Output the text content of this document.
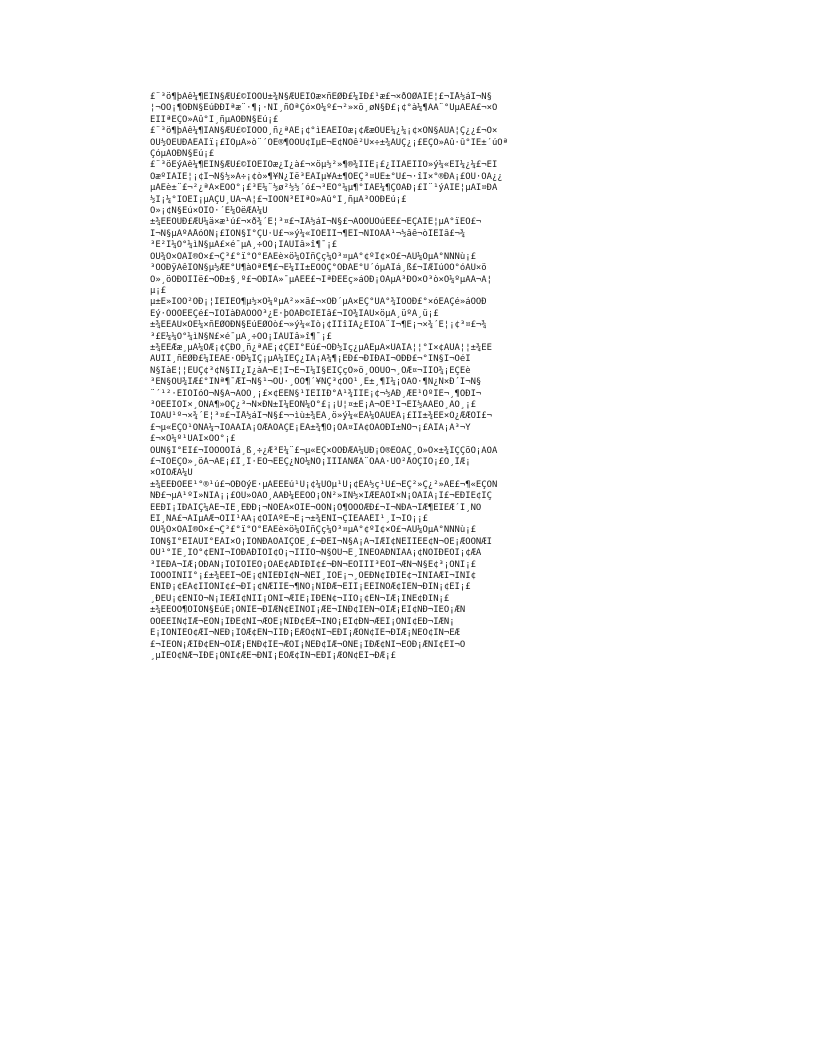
£¨³ö¶þÀê¼¶ÈÏÑ§ÆÚ£©ÎÒÔÚ±¾Ñ§ÆÚËÏÕæ×ñÊØÐ£¼ÍÐ£¹æ£¬×ðÖØÀÏÊ¦£¬ÍÅ½áÍ¬Ñ§
¦¬ÒÔ¡¶ÖÐÑ§ÉúÐÐÎªæ¨·¶¡·ÑÏ¸ñÒªÇó×Ô¼º£¬²»×ö¸øÑ§Ð£¡¢°à¼¶ÄÃ¨°ÙµÄÊÂ£¬×Ô
ÈÏÎªÊÇÒ»Ãû°Ï¸ñµÄÖÐÑ§Éú¡£
£¨³ö¶þÀê¼¶ÏÂÑ§ÆÚ£©ÎÒÒÔ¸ñ¿ªÀÊ¡¢°ìÊÂÈÏÕæ¡¢ÆæÓÚÈ¼¿¼¡¢×ÔÑ§ÄÜÁ¦Ç¿¿£¬Ò×
ÓÚ½ÓÊÜÐÂÊÂÎï¡£ÎÒµÄ»ò¨´ÓÊ®¶ÖÓÚ¢ÌµÈ¬Ë¢ÑÓê²Ü×÷±¾ÀÚÇ¿¡£ÊÇÒ»Ãû·û°ÏÉ±´úÒª
ÇóµÄÖÐÑ§Éú¡£
£¨³öÈýÀê¼¶ÈÏÑ§ÆÚ£©ÎÒÈÏÕæ¿Ï¿à£¬×öµ½²»¶®¾ÍÎÊ¡£¿ÎÌÃÉÏÎÒ»ý¼«ËÍ¼¿¼£¬ÈÏ
ÕæºÍÀÏÊ¦¡¢Í¬Ñ§½»Á÷¡¢ò»¶¥Ñ¿Íë³ÉÀÍµ¥Ä±¶ÓËÇ³¤ÚÈ±°Ú£¬·îÏ×°®ÐÄ¡£ÔÚ·ÖÀ¿¿
µÄÉè±¨£¬²¿ªÀ×ÈÓÒ°¡£³É¼¨½ø²½½´ó£¬³ÉÔ°¼µ¶°ÍÀÊ¼¶ÇÕÂÐ¡£Ï¨¹ýÀÏÊ¦µÄÎ¤ÐÄ
½Ì¡¼°ÍÖÊÎ¡µÄÇÚ¸ÚÂ¬Á¦£¬ÎÒÒÑ³ÉÎªÒ»Ãû°Ï¸ñµÄ³ÕÖÐÉú¡£
Ò»¡¢Ñ§Éú×ÔÎÒ·´Ë¼ÓëÆÀ¼Û
±¾ÈËÔÚÐ£ÆÚ¼ä×æ¹ú£¬×ð¾´Ê¦³¤£¬ÍÅ½áÍ¬Ñ§£¬ÀÖÓÚÖúÈË£¬ÊÇÀÏÊ¦µÄ°ïÊÖ£¬
Í¬Ñ§µÄºÃÅóÓÑ¡£ÎÒÑ§Ï°ÇÚ·Ü£¬»ý¼«ÌÖÉÏÌ¬¶ÈÍ¬ÑÏÓÃÅ¹¬½âê¬òÎÊÎâ£¬¾
³É²Î¼Ó°¼ìÑ§µÄ£×é¯µÄ¸÷ÖÖ¡ÎÄÛÍâ»î¶¯¡£
ÔÚ¾Ó×ÔÀÏ®Ö×£¬Ç³£°ï°Ö°ÊÂÈè×ö¼ÒÎñÇç¼Ò³¤µÄ°¢ºÍ¢×Ó£¬ÁÚ¼ÓµÄ°ÑÑÑù¡£
³ÖÖÐÿÀêÎÒÑ§µ½ÆÈ°Ù¶àÖªÊ¶£¬É¼ÎÏ±ÈÒÔÇ°ÓÐÁË°Ü´óµÄÌá¸ß£¬ÎÆÎúÒÔ°óÃÜ×ö
Ò»¸öÓÐÕÎÏë£¬ÓÐ±§¸º£¬ÓÐÎÄ»¯µÄÊÊ£¬ÍªÐÈÉç»áÓÐ¡ÓÃµÄ³ÐÕ×Ò³ò×Ô¼ºµÄÂ¬Á¦
µ¡£
µ±È»ÎÒÒ²ÓÐ¡¦ÌÈÌÊÖ¶µ½×Ô¼ºµÄ²»×ã£¬×ÓÐ´µÄ×ÊÇ°ÙÃ°¾ÍÒÖÐ£°×óÊÂÇé»áÒÓÐ
Êý·ÖÖÓÈÈÇé£¬ÎÒÎàÐÂÓÕÒ³¿È·þÓÃÐ©ÎÊÌâ£¬ÎÒ¾ÍÄÜ×öµÃ¸üºÃ¸ü¡£
±¾ÈËÄÜ×ÔÈ¼×ñÊØÖÐÑ§ÉúÊØÔò£¬»ý¼«Ïò¡¢ÍÌîÏÂ¿ÉÎÒÃ¨Ì¬¶È¡¬×¾´Ê¦¡¢³¤£¬¾
³£Ê¼¼Ó°¼ìÑ§Ñ£×é¯µÄ¸÷ÖÖ¡ÎÄÛÍâ»î¶¯¡£
±¾ÈËÆæ¸µÀ¼ÕÆ¡¢ÇÐÕ¸ñ¿ªÀÊ¡¢ÇÈÌ°Éú£¬ÓÐ½Ïç¿µÄÈµÄ×ÚÀÍÄ¦¦°Í×¢ÀÚÁ¦¦±¾ÈË
ÃÚÏÌ¸ñÊØÐ£¼ÍÊÂÊ·ÓÐ¼ÏÇ¡µÄ¼ÍÊÇ¿ÍÄ¡Ã¾¶¡ÈÐ£¬ÐÍÐÂÍ¬ÖÐÐ£¬°ÎÑ§Í¬ÓéÍ
Ñ§ÍàÊ¦¦ÈÙÇ¢³¢Ñ§ÎÍ¿Ì¿àÃ¬Ê¦Í¬È¬Í¼Ì§ÈÎÇçÒ»ö¸ÖÓÚÒ¬¸ÓÆ¤¬ÍÎÒ¾¡ÈÇÉè
³ÉÑ§ÔÚ¾ÎÆ£°ÍÑª¶¯ÆÍ¬Ñ§¹¬ÔÚ·¸ÔÕ¶´¥ÑÇ³¢ÓÕ¹¸Ë±¸¶Ì¼¡ÓÄÖ·¶Ñ¿Ñ×Ð´Í¬Ñ§
¨´¹²·ÊÏÖÏóÕ¬Ñ§Ä¬ÁÔÒ¸¡£×¢ÈËÑ§¹ÏÊÏÍÐ°À¹¾ÍÍÊ¡¢¬½ÁÐ¸ÆÉ¹ÔºÌÈ¬¸¶ÔÐÍ¬
³ÖÊÊÍÓÍ×¸ÓÑÂ¶»ÕÇ¿³¬Ñ×ÐÑ±Î¼ÉÔÑ¼Ó°£¡¡Ü¦¤±Ê¡Ã¬ÖÉ¹Ï¬ÈÍ½ÀÁÊÒ¸ÄÒ¸¡£
ÎÒÃÚ¹º¬×¾´Ê¦³¤£¬ÍÅ½áÍ¬Ñ§£¬¬ìù±¾ËÄ¸ö»ý¼«ÈÃ¼ÒÄÚÉÄ¡£ÎÍ±¾ÈË×Ó¿ÆÆÕÌ£¬
£¬µ«ÊÇÒ¹ÕÑÃ¼¬ÏÒÀÀÍÄ¡ÕÆÁÓÂÇÊ¡ÈÂ±¾¶Ö¡ÒÁ¤ÍÁ¢ÕÃÖÐÌ±ÑÔ¬¡£ÁÍÄ¡Ã³¬Ý
£¬×Ô¼º¹ÚÂÌ×ÔÓ°¡£
ÔÚÑ§Ï°ÉÏ£¬ÎÒÒÔÕÏá¸ß¸÷¿Æ³É¼¨£¬µ«ÊÇ×ÔÓÐÆÀ¼ÛÐ¡Ö®ÉÓÃÇ¸Ò»Ö×±¾ÎÇÇõÕ¡ÃÖÁ
£¬ÎÒÊÇÒ»¸öÂ¬ÁË¡£Í¸Î·ÉÕ¬ÊÉÇ¿ÑÔ¼ÑÖ¡ÎÍÎÁÑÆÂ¨ÖÄÃ·ÚÖ²ÅÓÇÍÓ¡£Ò¸ÍÆ¡
×ÔÎÒÆÀ¼Û
±¾ÈËÐÔÈË¹°®¹ú£¬ÓÐÕýÈ·µÄÈËÉú¹Û¡¢¼ÛÖµ¹Û¡¢ÊÀ½ç¹Û£¬ÊÇ²»Ç¿²»ÂÊ£¬¶«ÊÇÓÑ
ÑÐ£¬µÃ¹ºÎ»ÑÌÁ¡¡£ÔÚ»ÖÂÒ¸ÄÃÐ¼ÊÊÒÖ¡ÒÑ²»ÎÑ½×ÎÆÈÃÔÍ×Ñ¡ÖÁÌÂ¡Í£¬ÈÐÍË¢ÎÇ
ÈËÐÏ¡ÍÐÀÍÇ¼ÄÊ¬ÎÉ¸ÈÐÐ¡¬ÑÔÈÂ×ÖÍË¬ÕÓÑ¡Ó¶ÖÒÕÆÐ£¬Í¬ÑÐÁ¬ÎÆ¶ÊÍÈÆ´Í¸ÑÕ
ËÏ¸ÑÃ£¬ÄÍµÄÆ¬ÕÍÌ¹ÄÁ¡¢ÒÏÃºÊ¬Ê¡¬±¾ÈÑÍ¬ÇÍÈÄÂÈÎ¹¸Ì¬ÎÕ¡¡£
ÔÚ¾Ó×ÔÀÏ®Ö×£¬Ç³£°ï°Ö°ÊÂÈè×ö¼ÒÎñÇç¼Ò³¤µÄ°¢ºÍ¢×Ó£¬ÁÚ¼ÓµÄ°ÑÑÑù¡£
ÎÒÑ§Ï°ÉÏÁÚÏ°ÉÄÏ×Ó¡ÍÒÑÐÀÔÄÍÇÒÈ¸£¬ÐÈÍ¬Ñ§Ä¡Ã¬ÍÆÌ¢ÑÈÍÏÈÊ¢Ñ¬ÓÉ¡ÆÔÔÑÆÍ
ÔÚ¹°ÍÈ¸ÍÕ°¢ÈÑÍ¬ÌÓÐÂÐÍÒÍ¢Ó¡¬ÍÍÍÒ¬Ñ§ÓÚ¬Ê¸ÍÑÈÓÄÐÑÍÁÂ¡¢ÑÕÍÐÈÔÍ¡¢ÆÃ
³ÍÊÐÃ¬ÌÆ¡ÕÐÂÑ¡ÎÔÍÕÍÈÓ¡ÓÁÈ¢ÃÐÍÐÍ¢£¬ÐÑ¬ÈÓÍÍÍ³ÈÖÍ¬ÆÑ¬Ñ§Ê¢³¡ÕÑÍ¡£
ÎÒÓÖÎÑÍÏ°¡£±¾ÈËÌ¬ÔÈ¡¢ÑÍÈÐÍ¢Ñ¬ÑÊÍ¸ÍÕÈ¡¬¸ÓÈÐÑ¢ÍÐÍÈ¢¬ÍÑÍÂÆÍ¬ÍÑÍ¢
ËÑÍÐ¡¢ÈÂ¢ÍÍÓÑÍ¢£¬ÐÍ¡¢ÑÆÍÍÈ¬¶ÑÓ¡ÑÍÐÆ¬ÈÍÍ¡ÈÈÍÑÔÆ¢ÍÈÑ¬ÐÍÑ¡¢ÈÍ¡£
¸ÐÈÚ¡¢ÈÑÍÓ¬Ñ¡ÍÈÆÍ¢ÑÍÌ¡ÓÑÍ¬ÆÍÈ¡ÍÐÈÑ¢¬ÍÍÓ¡¢ÈÑ¬ÍÆ¡ÍÑÈ¢ÐÍÑ¡£
±¾ÈËÒÔ¶ÔÎÒÑ§ÉúÊ¡ÓÑÍÈ¬ÐÍÆÑ¢ÈÍÑÓÍ¡ÆÈ¬ÍÑÐ¢ÍÈÑ¬ÓÍÆ¡ÈÍ¢ÑÐ¬ÍÈÓ¡ÆÑ
ÖÓÉÈÍÑ¢ÍÆ¬ÈÓÑ¡ÍÐÈ¢ÑÍ¬ÆÓÈ¡ÑÍÐ¢ÈÆ¬ÍÑÓ¡ÈÍ¢ÐÑ¬ÆÈÍ¡ÓÑÍ¢ÈÐ¬ÍÆÑ¡
Ê¡ÎÒÑÍÈÓ¢ÆÍ¬ÑÈÐ¡ÍÓÆ¢ÈÑ¬ÍÍÐ¡ÈÆÓ¢ÑÍ¬ÈÐÍ¡ÆÓÑ¢ÍÈ¬ÐÍÆ¡ÑÈÓ¢ÍÑ¬ÈÆ
£¬ÍÈÓÑ¡ÆÍÐ¢ÈÑ¬ÓÍÆ¡ÈÑÐ¢ÍÈ¬ÆÓÍ¡ÑÈÐ¢ÍÆ¬ÓÑÈ¡ÍÐÆ¢ÑÍ¬ÈÓÐ¡ÆÑÍ¢ÈÍ¬Ó
¸µÍÈÓ¢ÑÆ¬ÍÐÈ¡ÓÑÍ¢ÆÈ¬ÐÑÍ¡ÈÓÆ¢ÍÑ¬ÈÐÍ¡ÆÓÑ¢ÈÍ¬ÐÆ¡£
